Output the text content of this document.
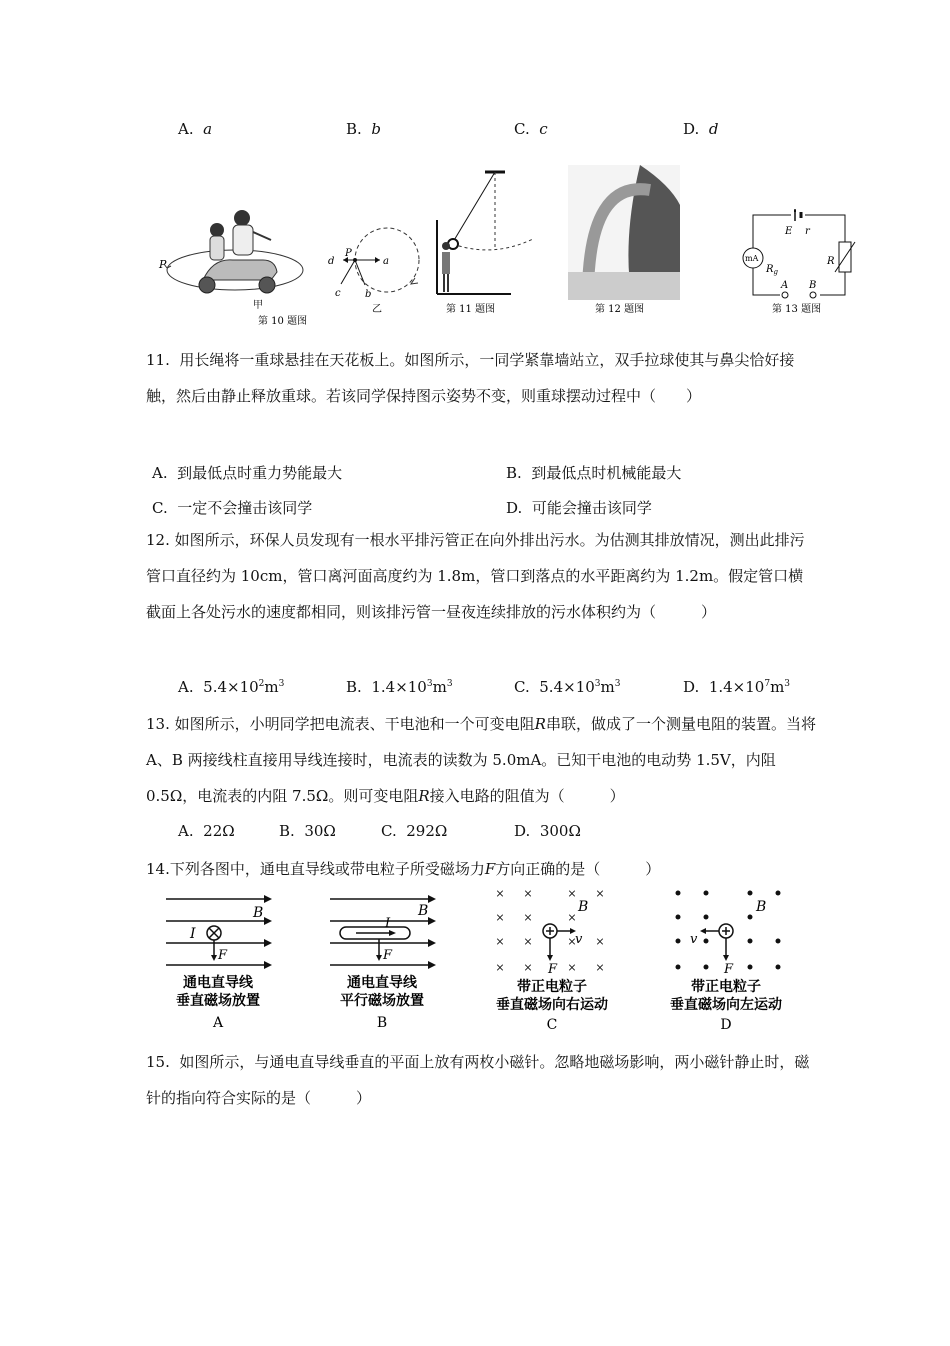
A. a	B. b	C. c	D. d
P
甲
第 10 题图
P
a
b
c
d
乙	第 11 题图	第 12 题图
E r
mA
$R_g$
R
A B
第 13 题图
11. 用长绳将一重球悬挂在天花板上。如图所示，一同学紧靠墙站立，双手拉球使其与鼻尖恰好接触，然后由静止释放重球。若该同学保持图示姿势不变，则重球摆动过程中（　　）
A. 到最低点时重力势能最大	B. 到最低点时机械能最大
C. 一定不会撞击该同学	D. 可能会撞击该同学
12. 如图所示，环保人员发现有一根水平排污管正在向外排出污水。为估测其排放情况，测出此排污管口直径约为 10cm，管口离河面高度约为 1.8m，管口到落点的水平距离约为 1.2m。假定管口横截面上各处污水的速度都相同，则该排污管一昼夜连续排放的污水体积约为（　　　）
A. $5.4\times 10^2m^3$	B. $1.4\times 10^3m^3$	C. $5.4\times 10^3m^3$	D. $1.4\times 10^7m^3$
13. 如图所示，小明同学把电流表、干电池和一个可变电阻R串联，做成了一个测量电阻的装置。当将 A、B 两接线柱直接用导线连接时，电流表的读数为 5.0mA。已知干电池的电动势 1.5V，内阻 0.5Ω，电流表的内阻 7.5Ω。则可变电阻R接入电路的阻值为（　　　）
A. 22Ω	B. 30Ω	C. 292Ω	D. 300Ω
14.下列各图中，通电直导线或带电粒子所受磁场力F方向正确的是（　　　）
B
I
F
通电直导线
垂直磁场放置
A
B
I
F
通电直导线
平行磁场放置
B
× ×	× ×
× ×	×
× ×	× ×
× ×	× ×
B
v
F
带正电粒子
垂直磁场向右运动
C
B
v
F
带正电粒子
垂直磁场向左运动
D
15. 如图所示，与通电直导线垂直的平面上放有两枚小磁针。忽略地磁场影响，两小磁针静止时，磁针的指向符合实际的是（　　　）
